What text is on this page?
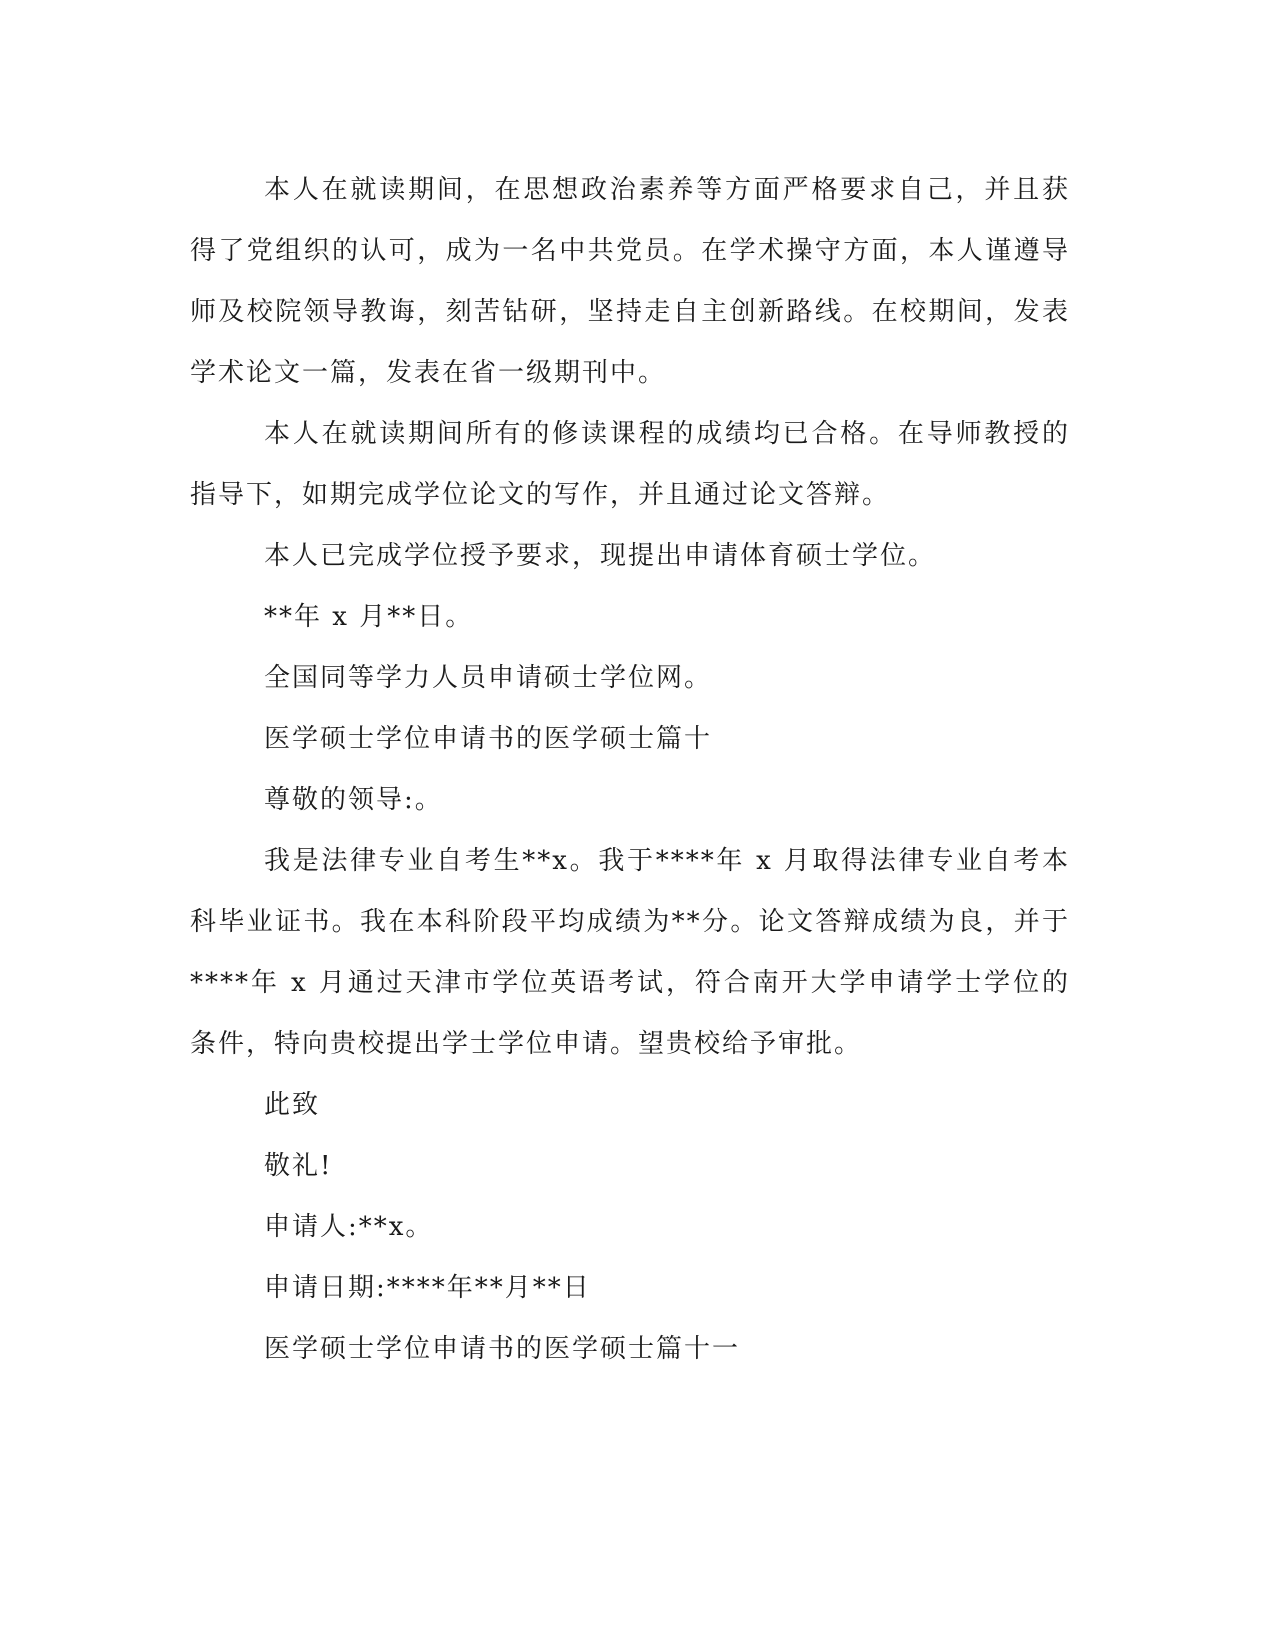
本人在就读期间，在思想政治素养等方面严格要求自己，并且获得了党组织的认可，成为一名中共党员。在学术操守方面，本人谨遵导师及校院领导教诲，刻苦钻研，坚持走自主创新路线。在校期间，发表学术论文一篇，发表在省一级期刊中。

本人在就读期间所有的修读课程的成绩均已合格。在导师教授的指导下，如期完成学位论文的写作，并且通过论文答辩。

本人已完成学位授予要求，现提出申请体育硕士学位。

**年 x 月**日。

全国同等学力人员申请硕士学位网。

医学硕士学位申请书的医学硕士篇十

尊敬的领导:。

我是法律专业自考生**x。我于****年 x 月取得法律专业自考本科毕业证书。我在本科阶段平均成绩为**分。论文答辩成绩为良，并于****年 x 月通过天津市学位英语考试，符合南开大学申请学士学位的条件，特向贵校提出学士学位申请。望贵校给予审批。

此致

敬礼!

申请人:**x。

申请日期:****年**月**日

医学硕士学位申请书的医学硕士篇十一
